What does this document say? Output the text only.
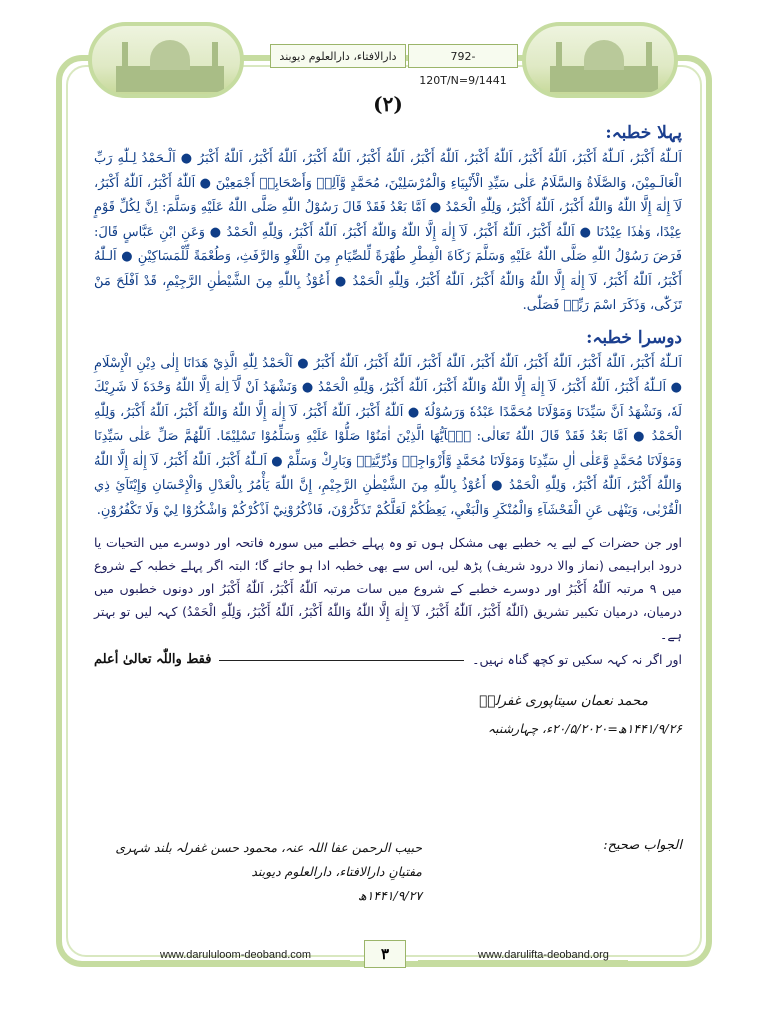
دارالافتاء، دارالعلوم دیوبند	792-120T/N=9/1441
(۲)
پہلا خطبہ:

اَلـلّٰهُ أَكْبَرُ، اَلـلّٰهُ أَكْبَرُ، اَللّٰهُ أَكْبَرُ، اَللّٰهُ أَكْبَرُ، اَللّٰهُ أَكْبَرُ، اَللّٰهُ أَكْبَرُ، اَللّٰهُ أَكْبَرُ، اَللّٰهُ أَكْبَرُ، اَللّٰهُ أَكْبَرُ ● اَلْـحَمْدُ لِـلّٰهِ رَبِّ الْعَالَـمِيْنَ، وَالصَّلَاةُ وَالسَّلَامُ عَلٰى سَيِّدِ الْأَنْبِيَاءِ وَالْمُرْسَلِيْنَ، مُحَمَّدٍ وَّآلِهٖ وَأَصْحَابِهٖ أَجْمَعِيْنَ ● اَللّٰهُ أَكْبَرُ، اَللّٰهُ أَكْبَرُ، لَآ إِلٰهَ إِلَّا اللّٰهُ وَاللّٰهُ أَكْبَرُ، اَللّٰهُ أَكْبَرُ، وَلِلّٰهِ الْحَمْدُ ● اَمَّا بَعْدُ فَقَدْ قَالَ رَسُوْلُ اللّٰهِ صَلَّى اللّٰهُ عَلَيْهِ وَسَلَّمَ: اِنَّ لِكُلِّ قَوْمٍ عِيْدًا، وَهٰذَا عِيْدُنَا ● اَللّٰهُ أَكْبَرُ، اَللّٰهُ أَكْبَرُ، لَآ إِلٰهَ إِلَّا اللّٰهُ وَاللّٰهُ أَكْبَرُ، اَللّٰهُ أَكْبَرُ، وَلِلّٰهِ الْحَمْدُ ● وَعَنِ ابْنِ عَبَّاسٍ قَالَ: فَرَضَ رَسُوْلُ اللّٰهِ صَلَّى اللّٰهُ عَلَيْهِ وَسَلَّمَ زَكَاةَ الْفِطْرِ طُهْرَةً لِّلصِّيَامِ مِنَ اللَّغْوِ وَالرَّفَثِ، وَطُعْمَةً لِّلْمَسَاكِيْنِ ● اَلـلّٰهُ أَكْبَرُ، اَللّٰهُ أَكْبَرُ، لَآ إِلٰهَ إِلَّا اللّٰهُ وَاللّٰهُ أَكْبَرُ، اَللّٰهُ أَكْبَرُ، وَلِلّٰهِ الْحَمْدُ ● أَعُوْذُ بِاللّٰهِ مِنَ الشَّيْطٰنِ الرَّجِيْمِ، قَدْ اَفْلَحَ مَنْ تَزَكّٰى، وَذَكَرَ اسْمَ رَبِّهٖ فَصَلّٰى.

دوسرا خطبہ:

اَلـلّٰهُ أَكْبَرُ، اَللّٰهُ أَكْبَرُ، اَللّٰهُ أَكْبَرُ، اَللّٰهُ أَكْبَرُ، اَللّٰهُ أَكْبَرُ، اَللّٰهُ أَكْبَرُ، اَللّٰهُ أَكْبَرُ ● اَلْحَمْدُ لِلّٰهِ الَّذِيْ هَدَانَا إِلٰى دِيْنِ الْإِسْلَامِ ● اَلـلّٰهُ أَكْبَرُ، اَللّٰهُ أَكْبَرُ، لَآ إِلٰهَ إِلَّا اللّٰهُ وَاللّٰهُ أَكْبَرُ، اَللّٰهُ أَكْبَرُ، وَلِلّٰهِ الْحَمْدُ ● وَنَشْهَدُ اَنْ لَّآ اِلٰهَ اِلَّا اللّٰهُ وَحْدَهٗ لَا شَرِيْكَ لَهٗ، وَنَشْهَدُ اَنَّ سَيِّدَنَا وَمَوْلَانَا مُحَمَّدًا عَبْدُهٗ وَرَسُوْلُهٗ ● اَللّٰهُ أَكْبَرُ، اَللّٰهُ أَكْبَرُ، لَآ إِلٰهَ إِلَّا اللّٰهُ وَاللّٰهُ أَكْبَرُ، اَللّٰهُ أَكْبَرُ، وَلِلّٰهِ الْحَمْدُ ● اَمَّا بَعْدُ فَقَدْ قَالَ اللّٰهُ تَعَالٰى: يٰۤاَيُّهَا الَّذِيْنَ اٰمَنُوْا صَلُّوْا عَلَيْهِ وَسَلِّمُوْا تَسْلِيْمًا. اَللّٰهُمَّ صَلِّ عَلٰى سَيِّدِنَا وَمَوْلَانَا مُحَمَّدٍ وَّعَلٰى اٰلِ سَيِّدِنَا وَمَوْلَانَا مُحَمَّدٍ وَّأَزْوَاجِهٖ وَذُرِّيَّتِهٖ وَبَارِكْ وَسَلِّمْ ● اَلـلّٰهُ أَكْبَرُ، اَللّٰهُ أَكْبَرُ، لَآ إِلٰهَ إِلَّا اللّٰهُ وَاللّٰهُ أَكْبَرُ، اَللّٰهُ أَكْبَرُ، وَلِلّٰهِ الْحَمْدُ ● أَعُوْذُ بِاللّٰهِ مِنَ الشَّيْطٰنِ الرَّجِيْمِ، إِنَّ اللّٰهَ يَأْمُرُ بِالْعَدْلِ وَالْإِحْسَانِ وَإِيْتَآئِ ذِي الْقُرْبٰى، وَيَنْهٰى عَنِ الْفَحْشَآءِ وَالْمُنْكَرِ وَالْبَغْيِ، يَعِظُكُمْ لَعَلَّكُمْ تَذَكَّرُوْنَ، فَاذْكُرُوْنِيْٓ اَذْكُرْكُمْ وَاشْكُرُوْا لِيْ وَلَا تَكْفُرُوْنِ.

اور جن حضرات کے لیے یہ خطبے بھی مشکل ہوں تو وہ پہلے خطبے میں سورہ فاتحہ اور دوسرے میں التحیات یا درود ابراہیمی (نماز والا درود شریف) پڑھ لیں، اس سے بھی خطبہ ادا ہو جائے گا؛ البتہ اگر پہلے خطبہ کے شروع میں ۹ مرتبہ اَللّٰهُ أَكْبَرُ اور دوسرے خطبے کے شروع میں سات مرتبہ اَللّٰهُ أَكْبَرُ، اَللّٰهُ أَكْبَرُ اور دونوں خطبوں میں درمیان، درمیان تکبیر تشریق (اَللّٰهُ أَكْبَرُ، اَللّٰهُ أَكْبَرُ، لَآ إِلٰهَ إِلَّا اللّٰهُ وَاللّٰهُ أَكْبَرُ، اَللّٰهُ أَكْبَرُ، وَلِلّٰهِ الْحَمْدُ) کہہ لیں تو بہتر ہے۔

اور اگر نہ کہہ سکیں تو کچھ گناہ نہیں۔
فقط واللّٰہ تعالیٰ أعلم
محمد نعمان سیتاپوری غفرلہٗ
۱۴۴۱/۹/۲۶ھ=۲۰/۵/۲۰۲۰ء، چہارشنبہ
الجواب صحیح:
حبیب الرحمن عفا اللہ عنہ، محمود حسن غفرلہ بلند شہری
مفتیانِ دارالافتاء، دارالعلوم دیوبند
۱۴۴۱/۹/۲۷ھ
www.darululoom-deoband.com	۳	www.darulifta-deoband.org
